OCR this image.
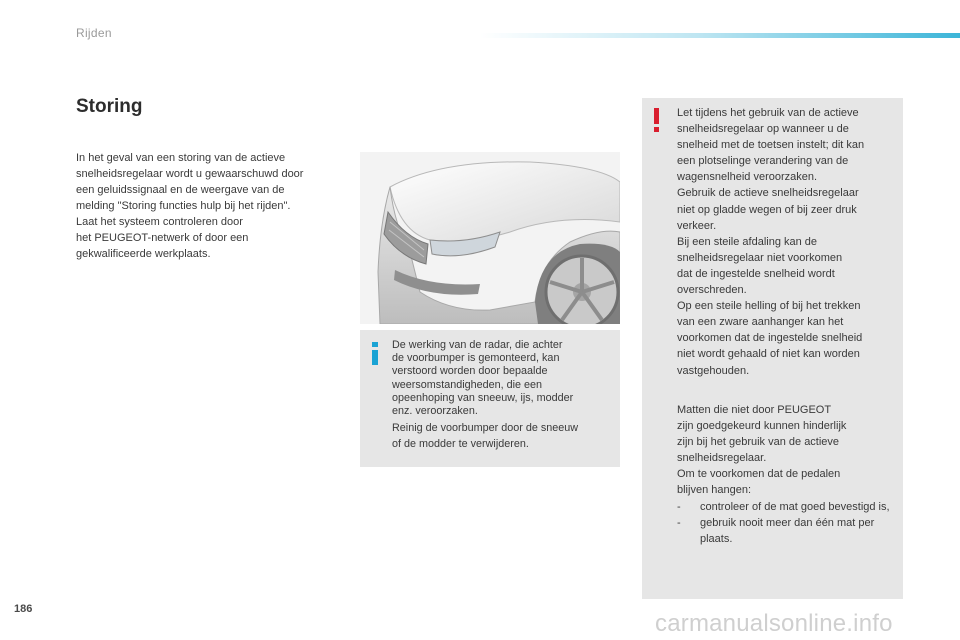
Rijden
Storing

In het geval van een storing van de actieve
snelheidsregelaar wordt u gewaarschuwd door
een geluidssignaal en de weergave van de
melding "Storing functies hulp bij het rijden".
Laat het systeem controleren door
het PEUGEOT-netwerk of door een
gekwalificeerde werkplaats.

De werking van de radar, die achter
de voorbumper is gemonteerd, kan
verstoord worden door bepaalde
weersomstandigheden, die een
opeenhoping van sneeuw, ijs, modder
enz. veroorzaken.

Reinig de voorbumper door de sneeuw
of de modder te verwijderen.

Let tijdens het gebruik van de actieve
snelheidsregelaar op wanneer u de
snelheid met de toetsen instelt; dit kan
een plotselinge verandering van de
wagensnelheid veroorzaken.
Gebruik de actieve snelheidsregelaar
niet op gladde wegen of bij zeer druk
verkeer.
Bij een steile afdaling kan de
snelheidsregelaar niet voorkomen
dat de ingestelde snelheid wordt
overschreden.
Op een steile helling of bij het trekken
van een zware aanhanger kan het
voorkomen dat de ingestelde snelheid
niet wordt gehaald of niet kan worden
vastgehouden.

Matten die niet door PEUGEOT
zijn goedgekeurd kunnen hinderlijk
zijn bij het gebruik van de actieve
snelheidsregelaar.
Om te voorkomen dat de pedalen
blijven hangen:

- controleer of de mat goed bevestigd is,
- gebruik nooit meer dan één mat per plaats.
186
carmanualsonline.info
